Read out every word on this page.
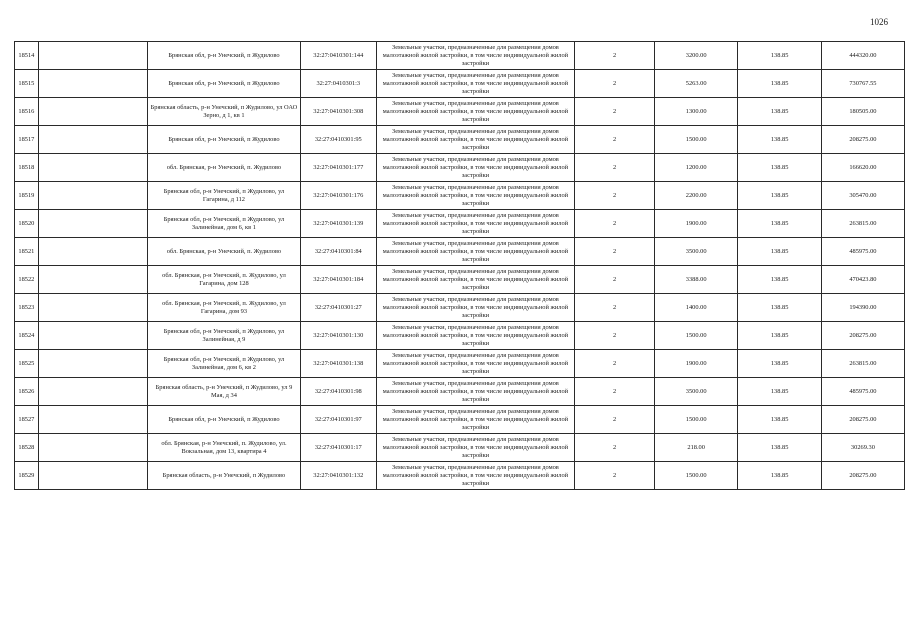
1026
18514		Брянская обл, р-н Унечский, п Жудилово	32:27:0410301:144	Земельные участки, предназначенные для размещения домов малоэтажной жилой застройки, в том числе индивидуальной жилой застройки	2	3200.00	138.85	444320.00
18515		Брянская обл, р-н Унечский, п Жудилово	32:27:0410301:3	Земельные участки, предназначенные для размещения домов малоэтажной жилой застройки, в том числе индивидуальной жилой застройки	2	5263.00	138.85	730767.55
18516		Брянская область, р-н Унечский, п Жудилово, ул ОАО Зерно, д 1, кв 1	32:27:0410301:308	Земельные участки, предназначенные для размещения домов малоэтажной жилой застройки, в том числе индивидуальной жилой застройки	2	1300.00	138.85	180505.00
18517		Брянская обл, р-н Унечский, п Жудилово	32:27:0410301:95	Земельные участки, предназначенные для размещения домов малоэтажной жилой застройки, в том числе индивидуальной жилой застройки	2	1500.00	138.85	208275.00
18518		обл. Брянская, р-н Унечский, п. Жудилово	32:27:0410301:177	Земельные участки, предназначенные для размещения домов малоэтажной жилой застройки, в том числе индивидуальной жилой застройки	2	1200.00	138.85	166620.00
18519		Брянская обл, р-н Унечский, п Жудилово, ул Гагарина, д 112	32:27:0410301:176	Земельные участки, предназначенные для размещения домов малоэтажной жилой застройки, в том числе индивидуальной жилой застройки	2	2200.00	138.85	305470.00
18520		Брянская обл, р-н Унечский, п Жудилово, ул Залинейная, дом 6, кв 1	32:27:0410301:139	Земельные участки, предназначенные для размещения домов малоэтажной жилой застройки, в том числе индивидуальной жилой застройки	2	1900.00	138.85	263815.00
18521		обл. Брянская, р-н Унечский, п. Жудилово	32:27:0410301:84	Земельные участки, предназначенные для размещения домов малоэтажной жилой застройки, в том числе индивидуальной жилой застройки	2	3500.00	138.85	485975.00
18522		обл. Брянская, р-н Унечский, п. Жудилово, ул Гагарина, дом 128	32:27:0410301:184	Земельные участки, предназначенные для размещения домов малоэтажной жилой застройки, в том числе индивидуальной жилой застройки	2	3388.00	138.85	470423.80
18523		обл. Брянская, р-н Унечский, п. Жудилово, ул Гагарина, дом 93	32:27:0410301:27	Земельные участки, предназначенные для размещения домов малоэтажной жилой застройки, в том числе индивидуальной жилой застройки	2	1400.00	138.85	194390.00
18524		Брянская обл, р-н Унечский, п Жудилово, ул Залинейная, д 9	32:27:0410301:130	Земельные участки, предназначенные для размещения домов малоэтажной жилой застройки, в том числе индивидуальной жилой застройки	2	1500.00	138.85	208275.00
18525		Брянская обл, р-н Унечский, п Жудилово, ул Залинейная, дом 6, кв 2	32:27:0410301:138	Земельные участки, предназначенные для размещения домов малоэтажной жилой застройки, в том числе индивидуальной жилой застройки	2	1900.00	138.85	263815.00
18526		Брянская область, р-н Унечский, п Жудилово, ул 9 Мая, д 34	32:27:0410301:98	Земельные участки, предназначенные для размещения домов малоэтажной жилой застройки, в том числе индивидуальной жилой застройки	2	3500.00	138.85	485975.00
18527		Брянская обл, р-н Унечский, п Жудилово	32:27:0410301:97	Земельные участки, предназначенные для размещения домов малоэтажной жилой застройки, в том числе индивидуальной жилой застройки	2	1500.00	138.85	208275.00
18528		обл. Брянская, р-н Унечский, п. Жудилово, ул. Вокзальная, дом 13, квартира 4	32:27:0410301:17	Земельные участки, предназначенные для размещения домов малоэтажной жилой застройки, в том числе индивидуальной жилой застройки	2	218.00	138.85	30269.30
18529		Брянская область, р-н Унечский, п Жудилово	32:27:0410301:132	Земельные участки, предназначенные для размещения домов малоэтажной жилой застройки, в том числе индивидуальной жилой застройки	2	1500.00	138.85	208275.00
